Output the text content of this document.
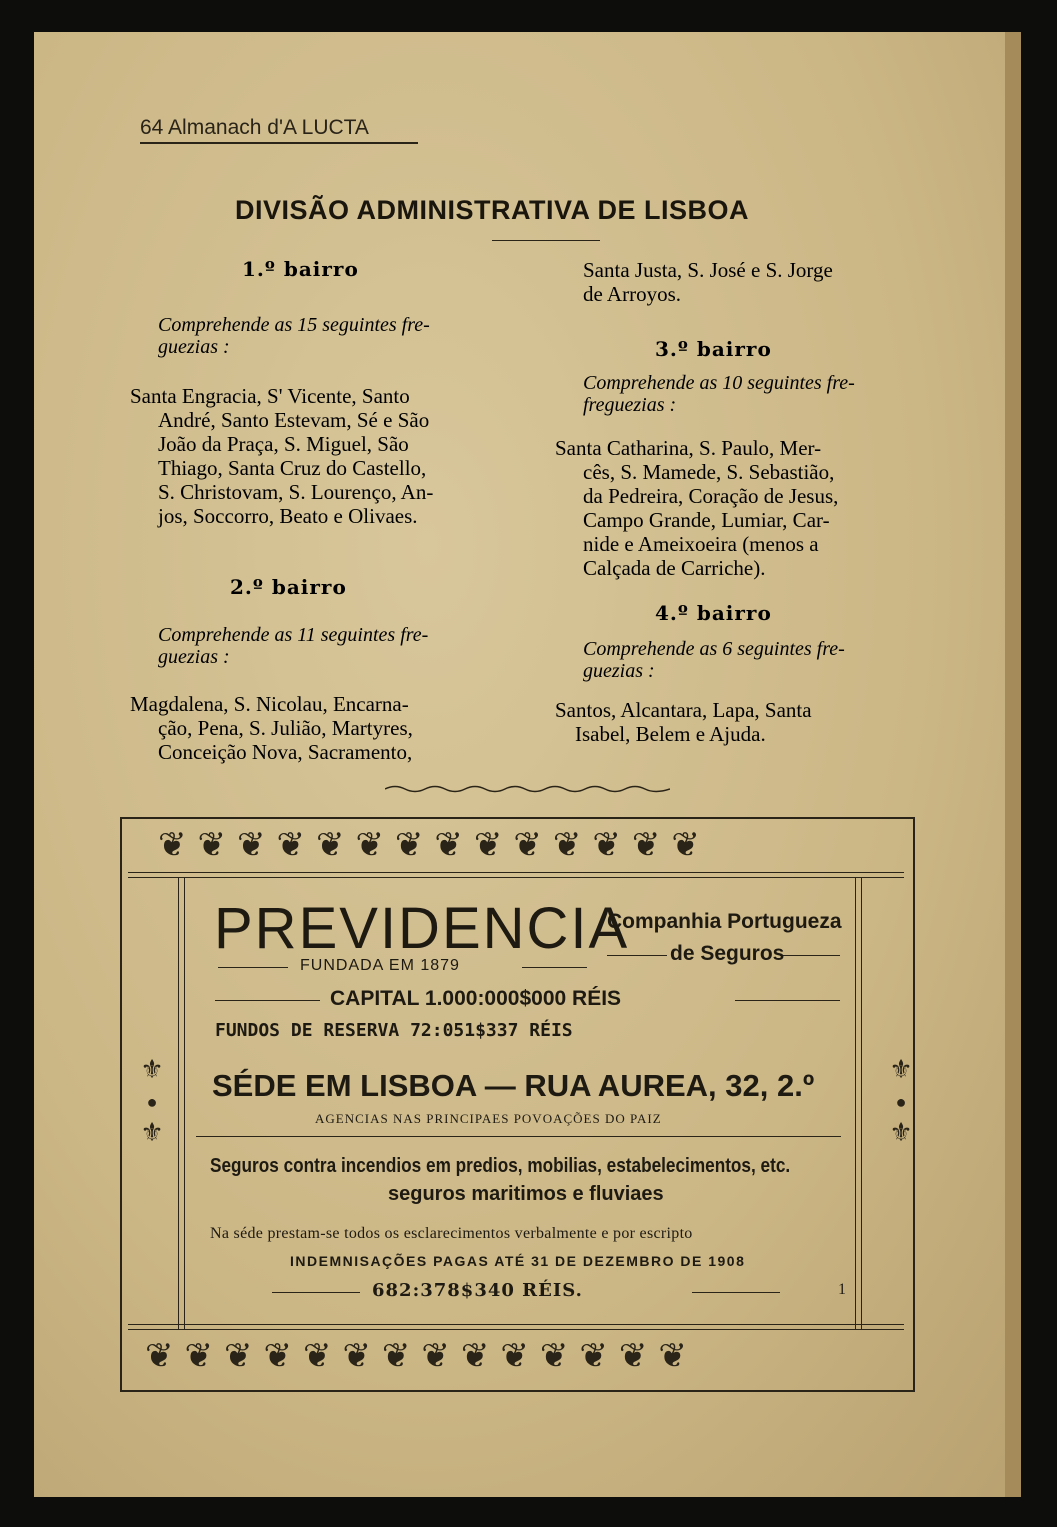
64 Almanach d'A LUCTA
DIVISÃO ADMINISTRATIVA DE LISBOA
1.º bairro
Comprehende as 15 seguintes fre-
guezias :
Santa Engracia, S' Vicente, Santo
André, Santo Estevam, Sé e São
João da Praça, S. Miguel, São
Thiago, Santa Cruz do Castello,
S. Christovam, S. Lourenço, An-
jos, Soccorro, Beato e Olivaes.
2.º bairro
Comprehende as 11 seguintes fre-
guezias :
Magdalena, S. Nicolau, Encarna-
ção, Pena, S. Julião, Martyres,
Conceição Nova, Sacramento,
Santa Justa, S. José e S. Jorge
de Arroyos.
3.º bairro
Comprehende as 10 seguintes fre-
freguezias :
Santa Catharina, S. Paulo, Mer-
cês, S. Mamede, S. Sebastião,
da Pedreira, Coração de Jesus,
Campo Grande, Lumiar, Car-
nide e Ameixoeira (menos a
Calçada de Carriche).
4.º bairro
Comprehende as 6 seguintes fre-
guezias :
Santos, Alcantara, Lapa, Santa
Isabel, Belem e Ajuda.
❦❦❦❦❦❦❦❦❦❦❦❦❦❦
❦❦❦❦❦❦❦❦❦❦❦❦❦❦
⚜
●
⚜
⚜
●
⚜
PREVIDENCIA
Companhia Portugueza
de Seguros
FUNDADA EM 1879
CAPITAL 1.000:000$000 RÉIS
FUNDOS DE RESERVA 72:051$337 RÉIS
SÉDE EM LISBOA — RUA AUREA, 32, 2.º
AGENCIAS NAS PRINCIPAES POVOAÇÕES DO PAIZ
Seguros contra incendios em predios, mobilias, estabelecimentos, etc.
seguros maritimos e fluviaes
Na séde prestam-se todos os esclarecimentos verbalmente e por escripto
INDEMNISAÇÕES PAGAS ATÉ 31 DE DEZEMBRO DE 1908
682:378$340 RÉIS.	1
